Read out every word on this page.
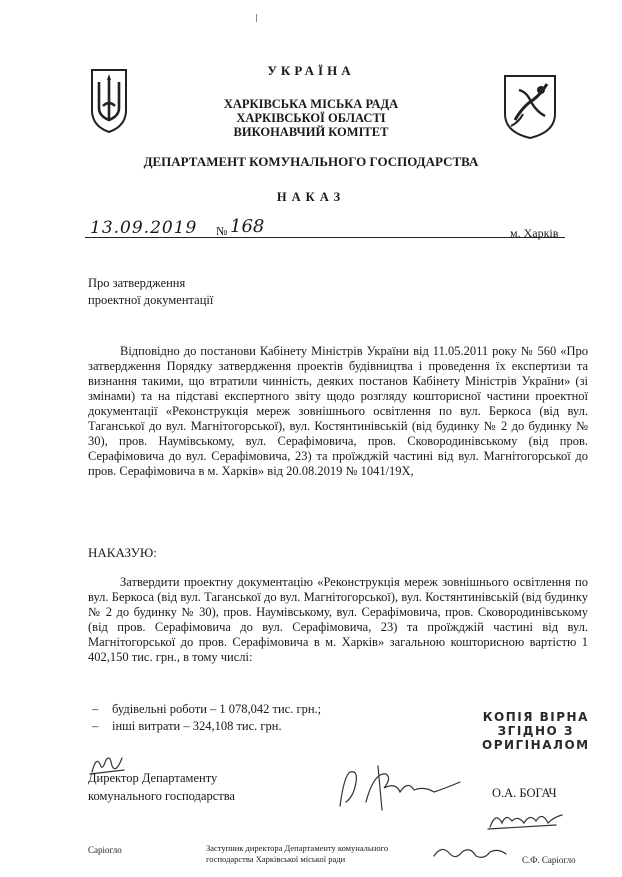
УКРАЇНА
ХАРКІВСЬКА МІСЬКА РАДА
ХАРКІВСЬКОЇ ОБЛАСТІ
ВИКОНАВЧИЙ КОМІТЕТ
ДЕПАРТАМЕНТ КОМУНАЛЬНОГО ГОСПОДАРСТВА
НАКАЗ
13.09.2019 № 168	м. Харків
Про затвердження
проектної документації
Відповідно до постанови Кабінету Міністрів України від 11.05.2011 року № 560 «Про затвердження Порядку затвердження проектів будівництва і проведення їх експертизи та визнання такими, що втратили чинність, деяких постанов Кабінету Міністрів України» (зі змінами) та на підставі експертного звіту щодо розгляду кошторисної частини проектної документації «Реконструкція мереж зовнішнього освітлення по вул. Беркоса (від вул. Таганської до вул. Магнітогорської), вул. Костянтинівській (від будинку № 2 до будинку № 30), пров. Наумівському, вул. Серафімовича, пров. Сковородинівському (від пров. Серафімовича до вул. Серафімовича, 23) та проїжджій частині від вул. Магнітогорської до пров. Серафімовича в м. Харків» від 20.08.2019 № 1041/19Х,
НАКАЗУЮ:
Затвердити проектну документацію «Реконструкція мереж зовнішнього освітлення по вул. Беркоса (від вул. Таганської до вул. Магнітогорської), вул. Костянтинівській (від будинку № 2 до будинку № 30), пров. Наумівському, вул. Серафімовича, пров. Сковородинівському (від пров. Серафімовича до вул. Серафімовича, 23) та проїжджій частині від вул. Магнітогорської до пров. Серафімовича в м. Харків» загальною кошторисною вартістю 1 402,150 тис. грн., в тому числі:
–	будівельні роботи – 1 078,042 тис. грн.;
–	інші витрати – 324,108 тис. грн.
КОПІЯ ВІРНА
ЗГІДНО З
ОРИГІНАЛОМ
Директор Департаменту
комунального господарства	О.А. БОГАЧ
Саріогло	Заступник директора Департаменту комунального
господарства Харківської міської ради	С.Ф. Саріогло
